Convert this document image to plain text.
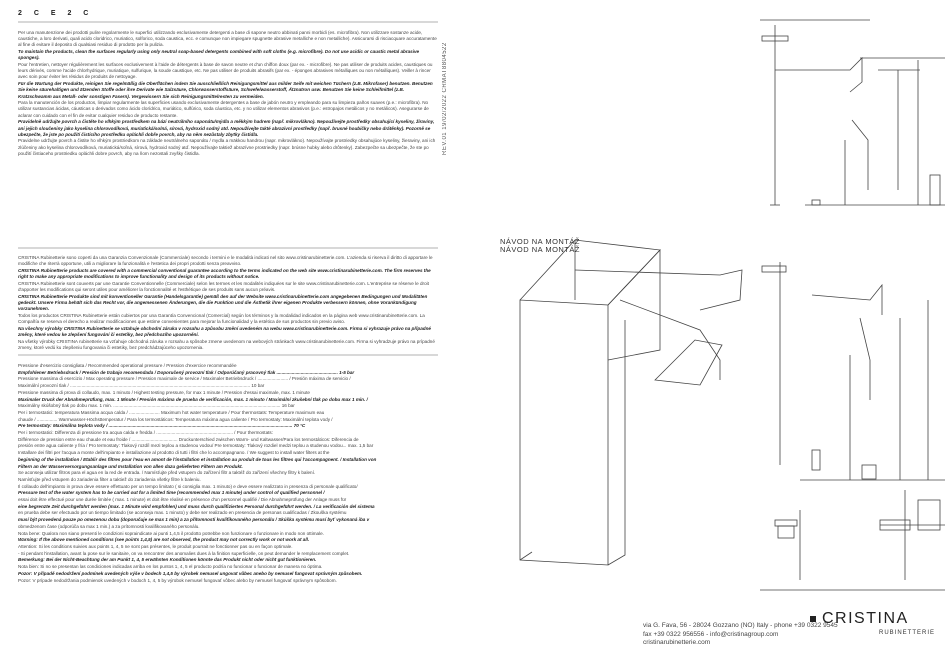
2 C E 2 C

Per una manutenzione dei prodotti pulire regolarmente le superfici utilizzando esclusivamente detergenti a base di sapone neutro abbinati panni morbidi (es. microfibra). Non utilizzare sostanze acide, caustiche, a loro derivati, quali acido cloridrico, muriatico, solforico, soda caustica, ecc. e comunque non impiegare spugnette abrasive metalliche e non metalliche). Assicurarsi di risciacquare accuratamente al fine di evitare il deposito di qualsiasi residuo di prodotto per la pulizia.

To maintain the products, clean the surfaces regularly using only neutral soap-based detergents combined with soft cloths (e.g. microfibre). Do not use acidic or caustic metal abrasive sponges).

Pour l'entretien, nettoyer régulièrement les surfaces exclusivement à l'aide de détergents à base de savon neutre et d'un chiffon doux (par ex. - microfibre). Ne pas utiliser de produits acides, caustiques ou leurs dérivés, comme l'acide chlorhydrique, muriatique, sulfurique, la soude caustique, etc. Ne pas utiliser de produits abrasifs (par ex. - éponges abrasives métalliques ou non métalliques). Veiller à rincer avec soin pour éviter les résidus de produits de nettoyage.

Für die Wartung der Produkte, reinigen Sie regelmäßig die Oberflächen indem Sie ausschließlich Reinigungsmittel aus milder Seife mit weichen Tüchern (z.B. Mikrofaser) benutzen. Benutzen Sie keine säurehaltigen und ätzenden Stoffe oder ihre Derivate wie Salzsäure, Chlorwasserstoffsäure, Schwefelwasserstoff, Ätznatron usw. Benutzen Sie keine Schleifmittel (z.B. Kratzschwamm aus Metall- oder sonstigen Fasern). Vergewissern Sie sich Reinigungsmittelresten zu vermeiden.

Para la manutención de los productos, limpiar regularmente las superficies usando exclusivamente detergentes a base de jabón neutro y empleando para su limpieza paños suaves (p.e.: microfibra). No utilizar sustancias ácidas, cáusticas o derivados como ácido clorídrico, muriático, sulfúrico, soda cáustica, etc. y no utilizar elementos abrasivos (p.e.: estropajos metálicos y no metálicos). Asegurarse de aclarar con cuidado con el fin de evitar cualquier residuo de producto restante.

Pravidelně udržujte povrch a čistěte ho vlhkým prostředkem na bázi neutrálního saponátu/mýdla a měkkým hadrem (např. mikrovlákno). Nepoužívejte prostředky obsahující kyseliny, žíraviny, ani jejich sloučeniny jako kyselina chlorovodíková, muriatická/solná, sírová, hydroxid sodný atd. Nepoužívejte takté abrazivní prostředky (např. brusné houbičky nebo drátěnky). Pozorně se ubezpečte, že jste po použití čisticího prostředku opláchli dobře povrch, aby na něm nezůstaly zbytky čistidla.

Pravidelne udržujte povrch a čistite ho vlhkým prostriedkom na základe neutrálneho saponátu / mydla a mäkkou handrou (napr. mikrovlákno). Nepoužívajte prostriedky obsahujúce kyseliny, žieraviny, ani ich zlúčeniny ako kyselina chlorovodíková, muriatická/soľná, sírová, hydroxid sodný atď. Nepoužívajte taktiež abrazívne prostriedky (napr. brúsne hubky alebo drôtenky). Zabezpečte sa ubezpečte, že ste po použití čistiaceho prostriedku opláchli dobre povrch, aby na ňom nezostali zvyšky čistidla.

CRISTINA Rubinetterie sono coperti da una Garanzia Convenzionale (Commerciale) secondo i termini e le modalità indicati nel sito www.cristinarubinetterie.com. L'azienda si riserva il diritto di apportare le modifiche che riterrà opportune, utili a migliorare la funzionalità e l'estetica dei propri prodotti senza preavviso.

CRISTINA Rubinetterie products are covered with a commercial conventional guarantee according to the terms indicated on the web site www.cristinarubinetterie.com. The firm reserves the right to make any appropriate modifications to improve functionality and design of its products without notice.

CRISTINA Rubinetterie sont couverts par une Garantie Conventionnelle (Commerciale) selon les termes et les modalités indiquées sur le site www.cristinarubinetterie.com. L'entreprise se réserve le droit d'apporter les modifications qui seront utiles pour améliorer la fonctionnalité et l'esthétique de ses produits sans aucun préavis.

CRISTINA Rubinetterie Produkte sind mit konventioneller Garantie (Handelsgarantie) gemäß den auf der Website www.cristinarubinetterie.com angegebenen Bedingungen und Modalitäten gedeckt. Unsere Firma behält sich das Recht vor, die angemessenen Änderungen, die die Funktion und die Ästhetik ihrer eigenen Produkte verbessern können, ohne Vorankündigung vorzunehmen.

Todos los productos CRISTINA Rubinetterie están cubiertos por una Garantía Convencional (Comercial) según los términos y la modalidad indicados en la página web www.cristinarubinetterie.com. La Compañía se reserva el derecho a realizar modificaciones que estime convenientes para mejorar la funcionalidad y la estética de sus productos sin previo aviso.

Na všechny výrobky CRISTINA Rubinetterie se vztahuje obchodní záruka v rozsahu a způsobu změní uvedeném na webu www.cristinarubinetterie.com. Firma si vyhrazuje právo na případné změny, které vedou ke zlepšení fungování či estetiky, bez předchozího upozornění.

Na všetky výrobky CRISTINA rubinetterie sa vzťahuje obchodná záruka v rozsahu a spôsobe zmene uvedenom na webových stránkach www.cristinarubinetterie.com. Firma si vyhradzuje právo na prípadné zmeny, ktoré vedú ku zlepšeniu fungovania či estetiky, bez predchádzajúceho upozornenia.

Pressione d'esercizio consigliata / Recommended operational pressure / Pression d'exercice recommandée

Empfohlener Betriebsdruck / Presión de trabajo recomendada / Doporučený provozní tlak / Odporúčaný pracovný tlak ................................................ 1-5 bar

Pressione massima di esercizio / Max operating pressure / Pression maximale de service / Maximaler Betriebsdruck / ........................ / Presión máxima de servicio /

Maximální provozní tlak / ............................................................................................................................................. 10 bar

Pressione massima di prova di collaudo, max. 1 minuto / Highest testing pressure, for max 1 minute / Pression d'essai maximale, max. 1 minute

Maximaler Druck der Abnahmeprüfung, max. 1 Minute / Presión máxima de prueba de verificación, max. 1 minuto / Maximální zkušební tlak po dobu max 1 min. /

Maximálny skúšobný tlak po dobu max. 1 min. ................................................................................................................................... 16 bar

Per i termostatici: temperatura Massima acqua calda / ........................ Maximum hot water temperature / Pour thermostats: Temperature maximum eau

chaude / ................ Warmwasser-Höchsttemperatur / Para los termostáticos: Temperatura máxima agua caliente / Pro termostaty: Maximální teplota vody /

Pre termostaty: Maximálna teplota vody / ................................................................................................................................................ 70 °C

Per i termostatici: Differenza di pressione tra acqua calda e fredda / ............................................................ / Pour thermostats:

Différence de pression entre eau chaude et eau froide / .................................... Druckunterschied zwischen Warm- und Kaltwasser/Para los termostáticos: Diferencia de

presión entre agua caliente y fría / Pro termostaty: Tlakový rozdíl mezi teplou a studenou vodou/ Pre termostaty: Tlakový rozdiel medzi teplou a studenou vodou... max. 1,5 bar

Installare dei filtri per l'acqua a monte dell'impianto e installazione al prodotto di tutti i filtri che lo accompagnano. / We suggest to install water filters at the

beginning of the installation / Etablir des filtres pour l'eau en amont de l'installation et installation au produit de tous les filtres qui l'accompagnent. / Installation von

Filtern an der Wasserversorgungsanlage und Installation von allen dazu gelieferten Filtern am Produkt.

Se aconseja utilizar filtros para el agua en la red de entrada. / Namísťujte před vstupem do zařízení filtr a taktéž do zařízení všechny filtry k balení.

Namísťujte před vstupem do zariadenia filter a taktiež do zariadenia všetky filtre k baleniu.

Il collaudo dell'impianto in prova deve essere effettuato per un tempo limitato ( si consiglia max. 1 minuto) e deve essere realizzato in presenza di personale qualificato/

Pressure test of the water system has to be carried out for a limited time (recommended max 1 minute) under control of qualified personnel /

essai doit être effectué pour une durée limitée ( max. 1 minute) et doit être réalisé en présence d'un personnel qualifié / Die Abnahmeprüfung der Anlage muss für

eine begrenzte Zeit durchgeführt werden (max. 1 Minute wird empfohlen) und muss durch qualifiziertes Personal durchgeführt werden. / La verificación del sistema

en prueba debe ser efectuado por un tiempo limitado (se aconseja max. 1 minuto) y debe ser realizado en presencia de personas cualificadas / Zkouška systému

musí být provedená pouze po omezenou dobu (doporučuje se max 1 min) a za přítomnosti kvalifikovaného personálu / Skúška systému musí byť vykonaná iba v

obmedzenom čase (odporúča sa max 1 min.) a za prítomnosti kvalifikovaného personálu.

Nota bene: Qualora non siano presenti le condizioni sopraindicate ai punti 1,4,5 il prodotto potrebbe non funzionare o funzionare in modo non ottimale.

Warning: If the above mentioned conditions (see points 1,4,5) are not observed, the product may not correctly work or not work at all.

Attention: Si les conditions suivies aux points 1, 4, 5 ne sont pas présentes, le produit pourrait ne fonctionner pas ou en façon optimale.

- Si pendant l'installation, avant la pose sur le sanitaire, on va rencontrer des anomalies dues à la finition superficielle, on peut demander le remplacement complet.

Bemerkung: Bei der Nicht-Beachtung der am Punkt 1, 4, 5 erwähnten Konditionen könnte das Produkt nicht oder nicht gut funktionieren.

Nota bien: Si no se presentan las condiciones indicadas arriba en los puntos 1, 4, 5 el producto podría no funcionar o funcionar de manera no óptima.

Pozor: V případě nedodržení podmínek uvedených výše v bodech 1,4,5 by výrobek nemusel ungovat vůbec anebo by nemusel fungovat správným způsobem.

Pozor: V prípade nedodržania podmienok uvedených v bodoch 1, 4, 5 by výrobok nemusel fungovať vôbec alebo by nemusel fungovať správnym spôsobom.

REV.01 19/02/2022 CRMAT8804522
NÁVOD NA MONTÁŽ
NÁVOD NA MONTÁŽ
via G. Fava, 56 - 28024 Gozzano (NO) Italy - phone +39 0322 9545
fax +39 0322 956556 - info@cristinagroup.com
cristinarubinetterie.com
CRISTINA
RUBINETTERIE
